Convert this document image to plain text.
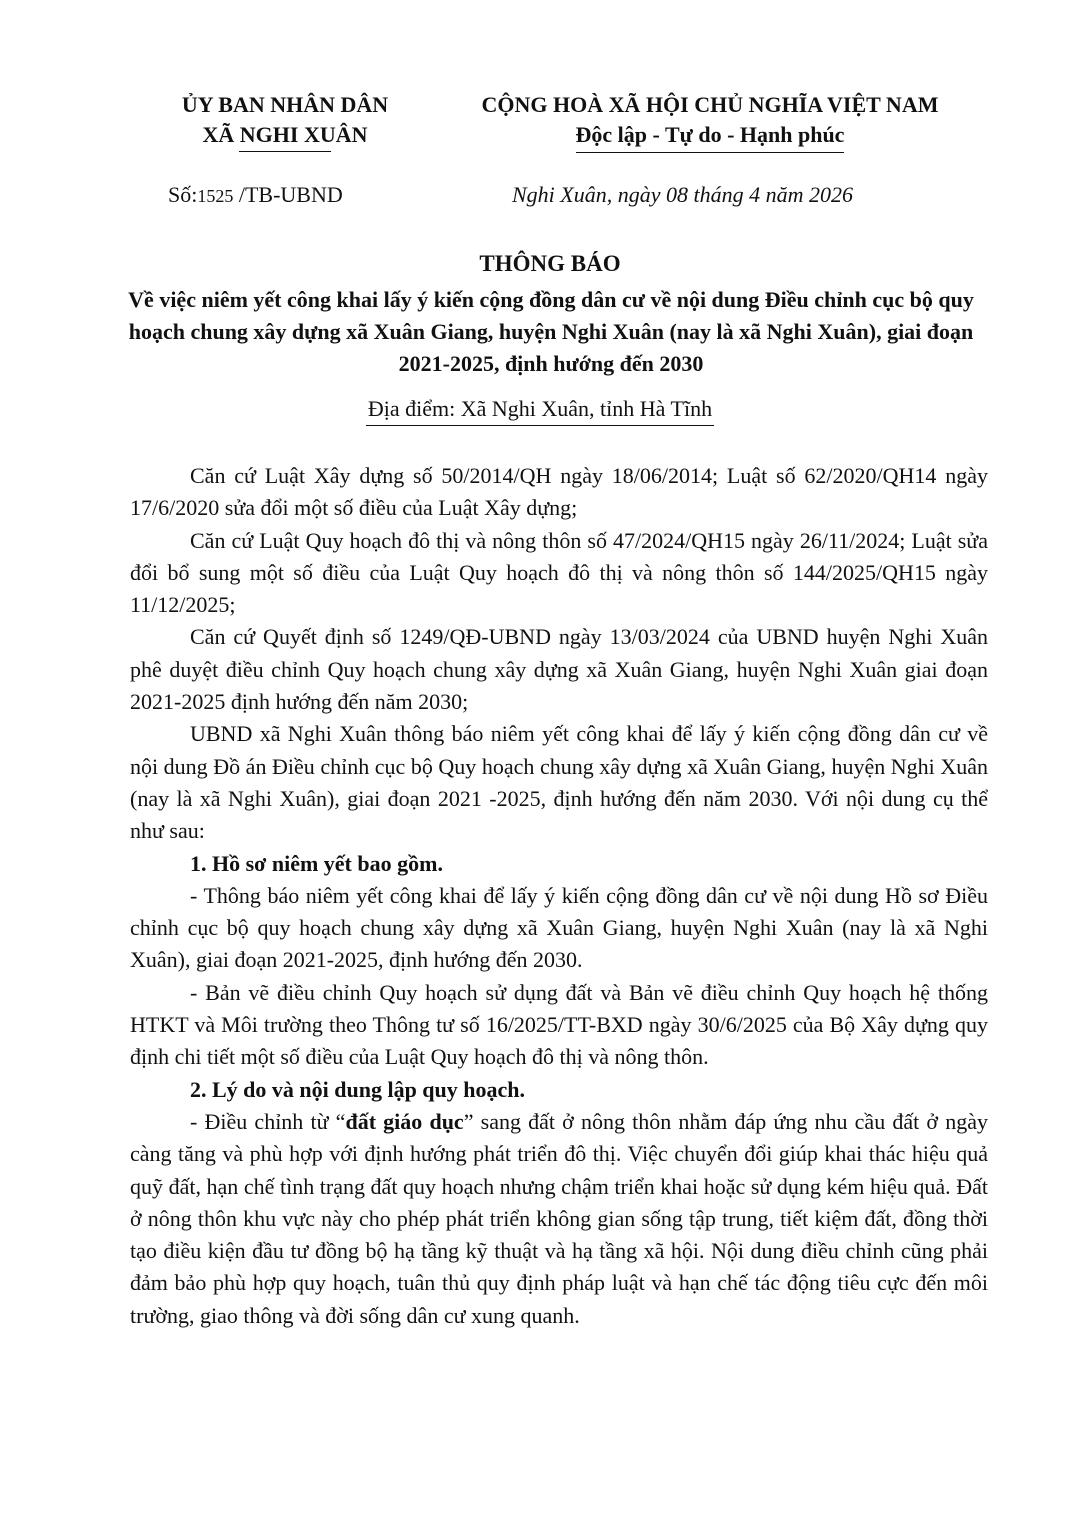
ỦY BAN NHÂN DÂN
XÃ NGHI XUÂN
CỘNG HOÀ XÃ HỘI CHỦ NGHĨA VIỆT NAM
Độc lập - Tự do - Hạnh phúc
Số:1525 /TB-UBND	Nghi Xuân, ngày 08 tháng 4 năm 2026
THÔNG BÁO
Về việc niêm yết công khai lấy ý kiến cộng đồng dân cư về nội dung Điều chỉnh cục bộ quy hoạch chung xây dựng xã Xuân Giang, huyện Nghi Xuân (nay là xã Nghi Xuân), giai đoạn 2021-2025, định hướng đến 2030
Địa điểm: Xã Nghi Xuân, tỉnh Hà Tĩnh

Căn cứ Luật Xây dựng số 50/2014/QH ngày 18/06/2014; Luật số 62/2020/QH14 ngày 17/6/2020 sửa đổi một số điều của Luật Xây dựng;

Căn cứ Luật Quy hoạch đô thị và nông thôn số 47/2024/QH15 ngày 26/11/2024; Luật sửa đổi bổ sung một số điều của Luật Quy hoạch đô thị và nông thôn số 144/2025/QH15 ngày 11/12/2025;

Căn cứ Quyết định số 1249/QĐ-UBND ngày 13/03/2024 của UBND huyện Nghi Xuân phê duyệt điều chỉnh Quy hoạch chung xây dựng xã Xuân Giang, huyện Nghi Xuân giai đoạn 2021-2025 định hướng đến năm 2030;

UBND xã Nghi Xuân thông báo niêm yết công khai để lấy ý kiến cộng đồng dân cư về nội dung Đồ án Điều chỉnh cục bộ Quy hoạch chung xây dựng xã Xuân Giang, huyện Nghi Xuân (nay là xã Nghi Xuân), giai đoạn 2021 -2025, định hướng đến năm 2030. Với nội dung cụ thể như sau:

1. Hồ sơ niêm yết bao gồm.

- Thông báo niêm yết công khai để lấy ý kiến cộng đồng dân cư về nội dung Hồ sơ Điều chỉnh cục bộ quy hoạch chung xây dựng xã Xuân Giang, huyện Nghi Xuân (nay là xã Nghi Xuân), giai đoạn 2021-2025, định hướng đến 2030.

- Bản vẽ điều chỉnh Quy hoạch sử dụng đất và Bản vẽ điều chỉnh Quy hoạch hệ thống HTKT và Môi trường theo Thông tư số 16/2025/TT-BXD ngày 30/6/2025 của Bộ Xây dựng quy định chi tiết một số điều của Luật Quy hoạch đô thị và nông thôn.

2. Lý do và nội dung lập quy hoạch.

- Điều chỉnh từ “đất giáo dục” sang đất ở nông thôn nhằm đáp ứng nhu cầu đất ở ngày càng tăng và phù hợp với định hướng phát triển đô thị. Việc chuyển đổi giúp khai thác hiệu quả quỹ đất, hạn chế tình trạng đất quy hoạch nhưng chậm triển khai hoặc sử dụng kém hiệu quả. Đất ở nông thôn khu vực này cho phép phát triển không gian sống tập trung, tiết kiệm đất, đồng thời tạo điều kiện đầu tư đồng bộ hạ tầng kỹ thuật và hạ tầng xã hội. Nội dung điều chỉnh cũng phải đảm bảo phù hợp quy hoạch, tuân thủ quy định pháp luật và hạn chế tác động tiêu cực đến môi trường, giao thông và đời sống dân cư xung quanh.
